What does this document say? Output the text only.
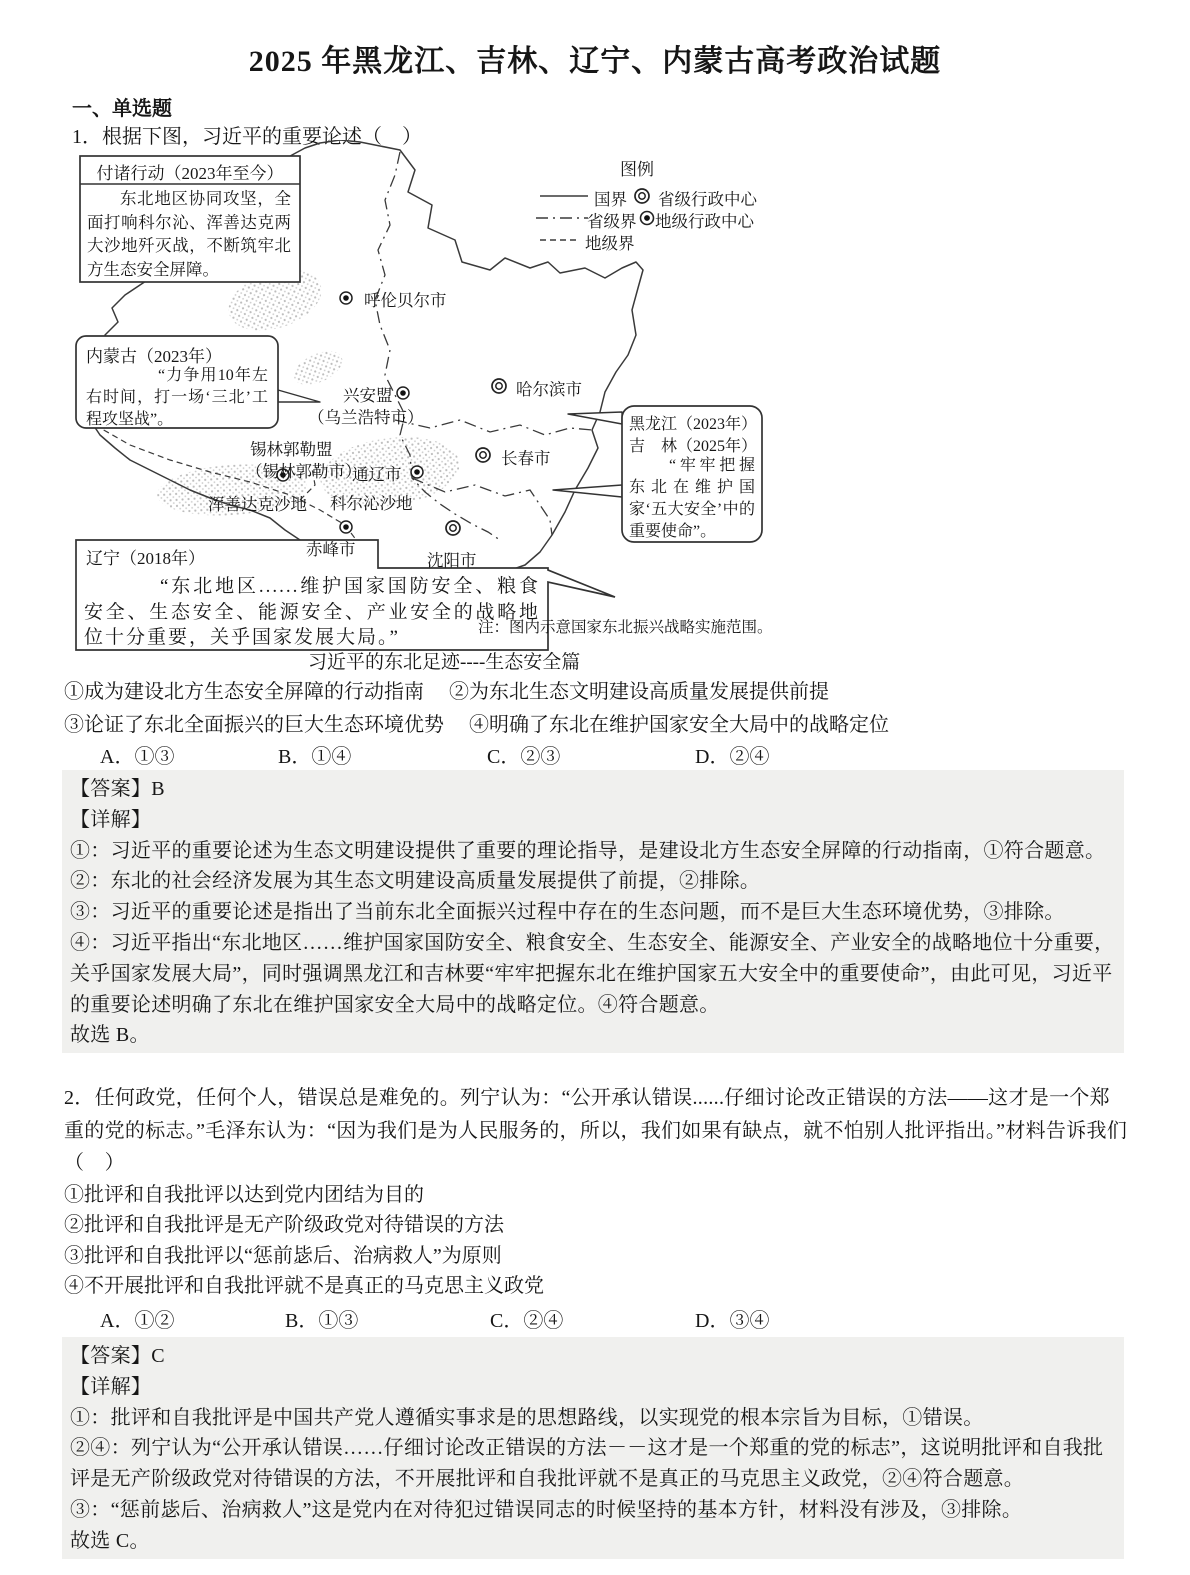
2025 年黑龙江、吉林、辽宁、内蒙古高考政治试题
一、单选题
1．根据下图，习近平的重要论述（　）
图例
国界 省级行政中心
省级界 地级行政中心
地级界
付诸行动（2023年至今）
东北地区协同攻坚，全面打响科尔沁、浑善达克两大沙地歼灭战，不断筑牢北方生态安全屏障。
内蒙古（2023年）
“力争用10年左右时间，打一场‘三北’工程攻坚战”。	黑龙江（2023年）
吉　林（2025年）
“牢牢把握东北在维护国家‘五大安全’中的重要使命”。
辽宁（2018年）
“东北地区......维护国家国防安全、粮食安全、生态安全、能源安全、产业安全的战略地位十分重要，关乎国家发展大局。”
呼伦贝尔市
哈尔滨市
兴安盟
（乌兰浩特市）
长春市
锡林郭勒盟
（锡林郭勒市）
通辽市
浑善达克沙地 科尔沁沙地
赤峰市
沈阳市
注：图内示意国家东北振兴战略实施范围。
习近平的东北足迹----生态安全篇
①成为建设北方生态安全屏障的行动指南　 ②为东北生态文明建设高质量发展提供前提
③论证了东北全面振兴的巨大生态环境优势　 ④明确了东北在维护国家安全大局中的战略定位
A．①③	B．①④	C．②③	D．②④

【答案】B

【详解】

①：习近平的重要论述为生态文明建设提供了重要的理论指导，是建设北方生态安全屏障的行动指南，①符合题意。

②：东北的社会经济发展为其生态文明建设高质量发展提供了前提，②排除。

③：习近平的重要论述是指出了当前东北全面振兴过程中存在的生态问题，而不是巨大生态环境优势，③排除。

④：习近平指出“东北地区……维护国家国防安全、粮食安全、生态安全、能源安全、产业安全的战略地位十分重要，关乎国家发展大局”，同时强调黑龙江和吉林要“牢牢把握东北在维护国家五大安全中的重要使命”，由此可见，习近平的重要论述明确了东北在维护国家安全大局中的战略定位。④符合题意。

故选 B。

2．任何政党，任何个人，错误总是难免的。列宁认为：“公开承认错误......仔细讨论改正错误的方法——这才是一个郑重的党的标志。”毛泽东认为：“因为我们是为人民服务的，所以，我们如果有缺点，就不怕别人批评指出。”材料告诉我们（　）

①批评和自我批评以达到党内团结为目的

②批评和自我批评是无产阶级政党对待错误的方法

③批评和自我批评以“惩前毖后、治病救人”为原则

④不开展批评和自我批评就不是真正的马克思主义政党

A．①②	B．①③	C．②④	D．③④

【答案】C

【详解】

①：批评和自我批评是中国共产党人遵循实事求是的思想路线，以实现党的根本宗旨为目标，①错误。

②④：列宁认为“公开承认错误……仔细讨论改正错误的方法－－这才是一个郑重的党的标志”，这说明批评和自我批评是无产阶级政党对待错误的方法，不开展批评和自我批评就不是真正的马克思主义政党，②④符合题意。

③：“惩前毖后、治病救人”这是党内在对待犯过错误同志的时候坚持的基本方针，材料没有涉及，③排除。

故选 C。
